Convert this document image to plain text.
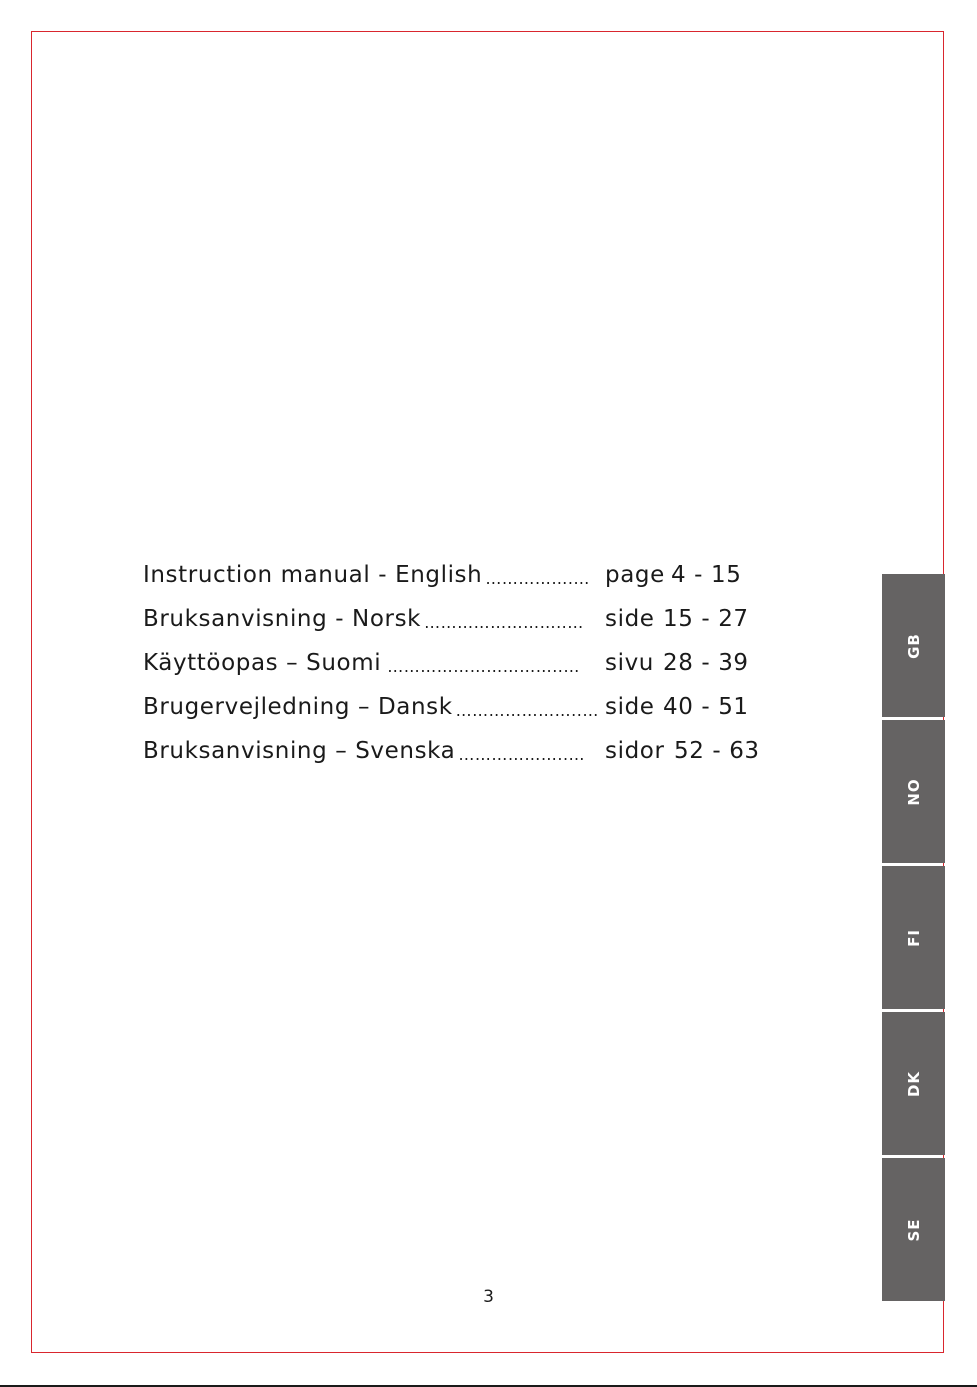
Instruction manual - English …………….… page 4 - 15
Bruksanvisning - Norsk ……………………..… side 15 - 27
Käyttöopas – Suomi …………………………..… sivu 28 - 39
Brugervejledning – Dansk …………………..… side 40 - 51
Bruksanvisning – Svenska ………………..… sidor 52 - 63
GB
NO
FI
DK
SE
3
